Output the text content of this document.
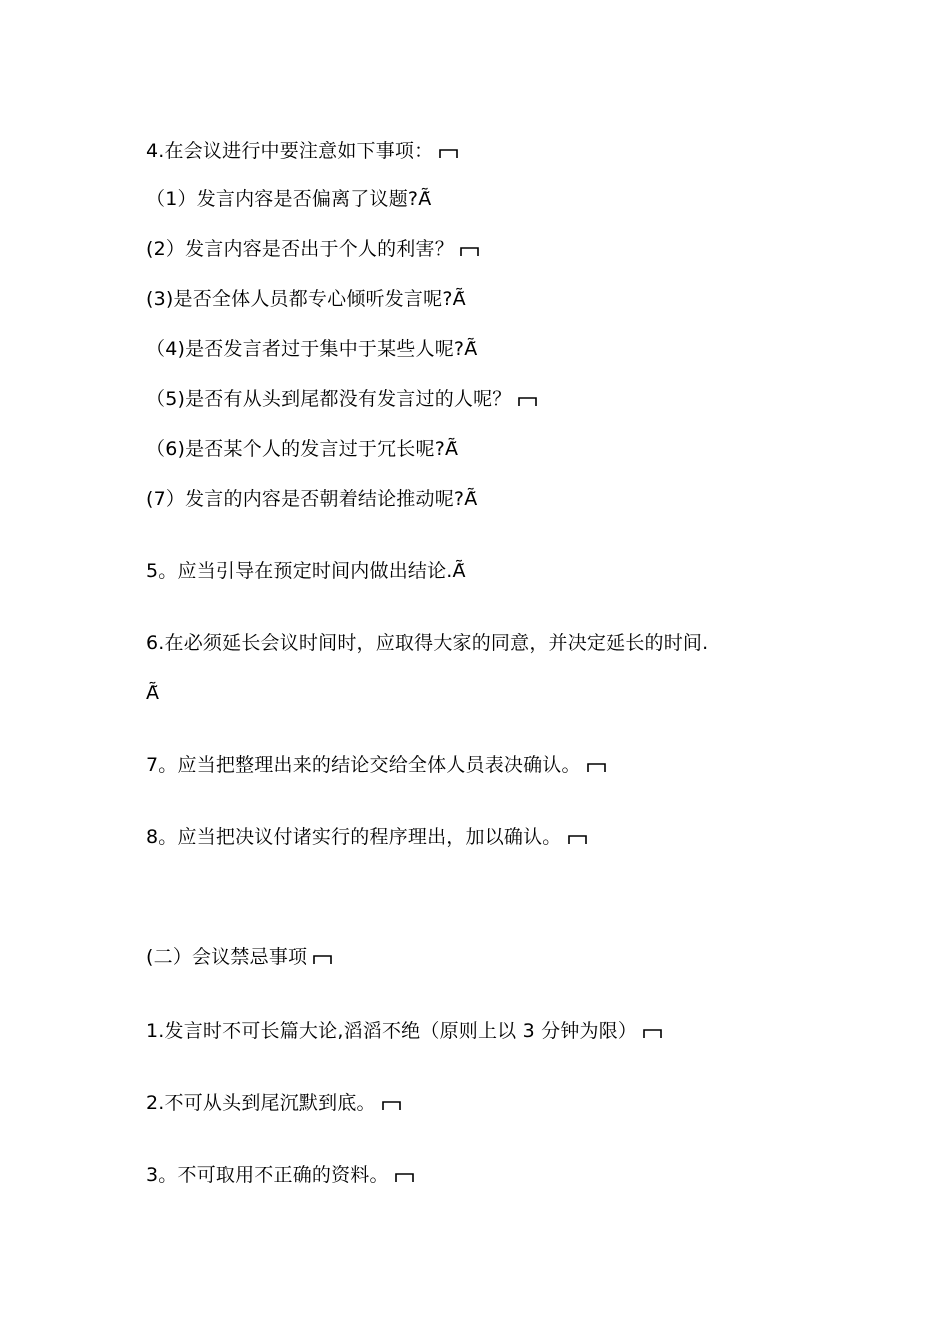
4.在会议进行中要注意如下事项：
（1）发言内容是否偏离了议题?Ã̃
(2）发言内容是否出于个人的利害？
(3)是否全体人员都专心倾听发言呢?Ã̃
（4)是否发言者过于集中于某些人呢?Ã̃
（5)是否有从头到尾都没有发言过的人呢？
（6)是否某个人的发言过于冗长呢?Ã̃
(7）发言的内容是否朝着结论推动呢?Ã̃
5。应当引导在预定时间内做出结论.Ã̃
6.在必须延长会议时间时，应取得大家的同意，并决定延长的时间.
Ã̃
7。应当把整理出来的结论交给全体人员表决确认。
8。应当把决议付诸实行的程序理出，加以确认。
(二）会议禁忌事项
1.发言时不可长篇大论,滔滔不绝（原则上以 3 分钟为限）
2.不可从头到尾沉默到底。
3。不可取用不正确的资料。
